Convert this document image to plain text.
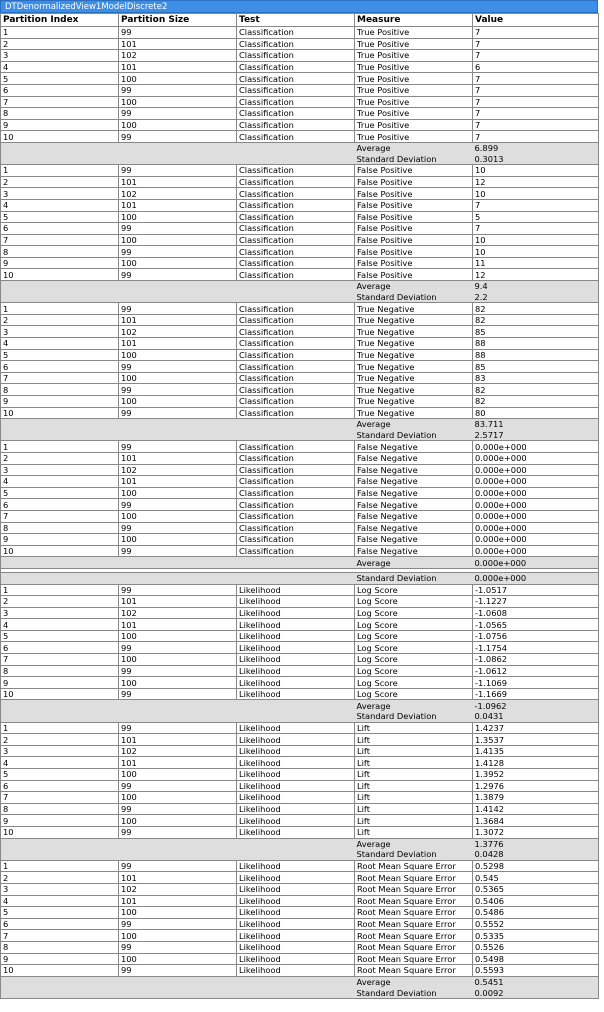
DTDenormalizedView1ModelDiscrete2
Partition Index	Partition Size	Test	Measure	Value
1	99	Classification	True Positive	7
2	101	Classification	True Positive	7
3	102	Classification	True Positive	7
4	101	Classification	True Positive	6
5	100	Classification	True Positive	7
6	99	Classification	True Positive	7
7	100	Classification	True Positive	7
8	99	Classification	True Positive	7
9	100	Classification	True Positive	7
10	99	Classification	True Positive	7
			Average	6.899
			Standard Deviation	0.3013
1	99	Classification	False Positive	10
2	101	Classification	False Positive	12
3	102	Classification	False Positive	10
4	101	Classification	False Positive	7
5	100	Classification	False Positive	5
6	99	Classification	False Positive	7
7	100	Classification	False Positive	10
8	99	Classification	False Positive	10
9	100	Classification	False Positive	11
10	99	Classification	False Positive	12
			Average	9.4
			Standard Deviation	2.2
1	99	Classification	True Negative	82
2	101	Classification	True Negative	82
3	102	Classification	True Negative	85
4	101	Classification	True Negative	88
5	100	Classification	True Negative	88
6	99	Classification	True Negative	85
7	100	Classification	True Negative	83
8	99	Classification	True Negative	82
9	100	Classification	True Negative	82
10	99	Classification	True Negative	80
			Average	83.711
			Standard Deviation	2.5717
1	99	Classification	False Negative	0.000e+000
2	101	Classification	False Negative	0.000e+000
3	102	Classification	False Negative	0.000e+000
4	101	Classification	False Negative	0.000e+000
5	100	Classification	False Negative	0.000e+000
6	99	Classification	False Negative	0.000e+000
7	100	Classification	False Negative	0.000e+000
8	99	Classification	False Negative	0.000e+000
9	100	Classification	False Negative	0.000e+000
10	99	Classification	False Negative	0.000e+000
			Average	0.000e+000

			Standard Deviation	0.000e+000
1	99	Likelihood	Log Score	-1.0517
2	101	Likelihood	Log Score	-1.1227
3	102	Likelihood	Log Score	-1.0608
4	101	Likelihood	Log Score	-1.0565
5	100	Likelihood	Log Score	-1.0756
6	99	Likelihood	Log Score	-1.1754
7	100	Likelihood	Log Score	-1.0862
8	99	Likelihood	Log Score	-1.0612
9	100	Likelihood	Log Score	-1.1069
10	99	Likelihood	Log Score	-1.1669
			Average	-1.0962
			Standard Deviation	0.0431
1	99	Likelihood	Lift	1.4237
2	101	Likelihood	Lift	1.3537
3	102	Likelihood	Lift	1.4135
4	101	Likelihood	Lift	1.4128
5	100	Likelihood	Lift	1.3952
6	99	Likelihood	Lift	1.2976
7	100	Likelihood	Lift	1.3879
8	99	Likelihood	Lift	1.4142
9	100	Likelihood	Lift	1.3684
10	99	Likelihood	Lift	1.3072
			Average	1.3776
			Standard Deviation	0.0428
1	99	Likelihood	Root Mean Square Error	0.5298
2	101	Likelihood	Root Mean Square Error	0.545
3	102	Likelihood	Root Mean Square Error	0.5365
4	101	Likelihood	Root Mean Square Error	0.5406
5	100	Likelihood	Root Mean Square Error	0.5486
6	99	Likelihood	Root Mean Square Error	0.5552
7	100	Likelihood	Root Mean Square Error	0.5335
8	99	Likelihood	Root Mean Square Error	0.5526
9	100	Likelihood	Root Mean Square Error	0.5498
10	99	Likelihood	Root Mean Square Error	0.5593
			Average	0.5451
			Standard Deviation	0.0092
